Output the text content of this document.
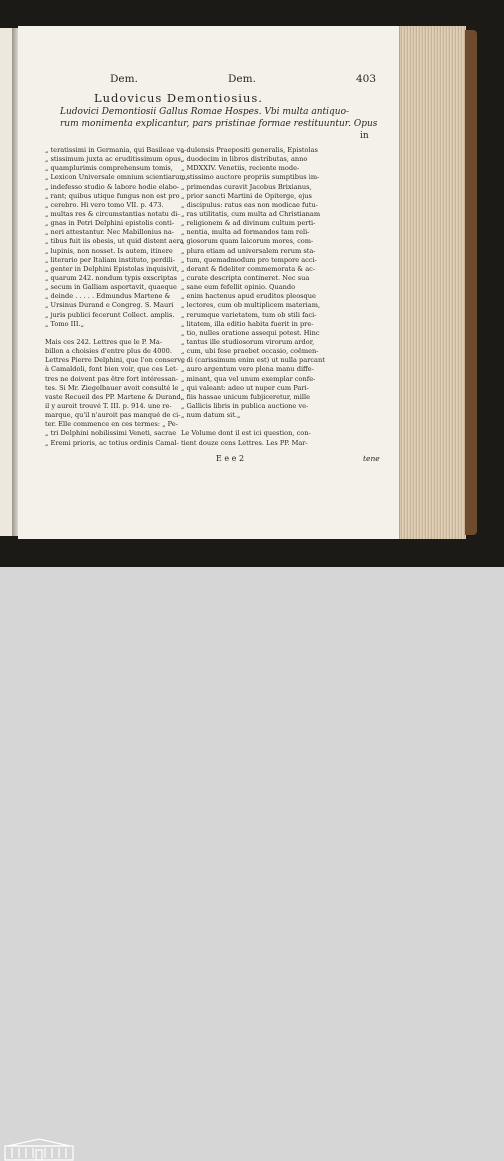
Dem.	Dem.	403
Ludovicus Demontiosius.
Ludovici Demontiosii Gallus Romae Hospes. Vbi multa antiquo-
rum monimenta explicantur, pars pristinae formae restituuntur. Opus
in
„ teratissimi in Germania, qui Basileae va-
„ stissimum juxta ac eruditissimum opus,
„ quamplurimis comprehensum tomis,
„ Lexicon Universale omnium scientiarum,
„ indefesso studio & labore hodie elabo-
„ rant; quibus utique fungus non est pro
„ cerebro. Hi vero tomo VII. p. 473.
„ multas res & circumstantias notatu di-
„ gnas in Petri Delphini epistolis conti-
„ neri attestantur. Nec Mabillonius na-
„ tibus fuit iis obesis, ut quid distent aera
„ lupinis, non nosset. Is autem, itinere
„ literario per Italiam instituto, perdili-
„ genter in Delphini Epistolas inquisivit,
„ quarum 242. nondum typis exscriptas
„ secum in Galliam asportavit, quaeque
„ deinde . . . . . Edmundus Martene &
„ Ursinus Durand e Congreg. S. Mauri
„ juris publici fecerunt Collect. amplis.
„ Tomo III.„
Mais ces 242. Lettres que le P. Ma-
billon a choisies d'entre plus de 4000.
Lettres Pierre Delphini, que l'on conserve
à Camaldoli, font bien voir, que ces Let-
tres ne doivent pas être fort intéressan-
tes. Si Mr. Ziegelbauer avoit consulté le
vaste Recueil des PP. Martene & Durand,
il y auroit trouvé T. III. p. 914. une re-
marque, qu'il n'auroit pas manqué de ci-
ter. Elle commence en ces termes: „ Pe-
„ tri Delphini nobilissimi Veneti, sacrae
„ Eremi prioris, ac totius ordinis Camal-
„ dulensis Praepositi generalis, Epistolas
„ duodecim in libros distributas, anno
„ MDXXIV. Venetiis, reciente mode-
„ stissimo auctore propriis sumptibus im-
„ primendas curavit Jacobus Brixianus,
„ prior sancti Martini de Opiterge, ejus
„ discipulus: ratus eas non modicae futu-
„ ras utilitatis, cum multa ad Christianam
„ religionem & ad divinum cultum perti-
„ nentia, multa ad formandos tam reli-
„ giosorum quam laicorum mores, com-
„ plura etiam ad universalem rerum sta-
„ tum, quemadmodum pro tempore acci-
„ derant & fideliter commemorata & ac-
„ curate descripta contineret. Nec sua
„ sane eum fefellit opinio. Quando
„ enim hactenus apud eruditos pleosque
„ lectores, cum ob multiplicem materiam,
„ rerumque varietatem, tum ob stili faci-
„ litatem, illa editio habita fuerit in pre-
„ tio, nulles oratione assequi potest. Hinc
„ tantus ille studiosorum virorum ardor,
„ cum, ubi fese praebet occasio, coëmen-
„ di (carissimum enim est) ut nulla parcant
„ auro argentum vero plena manu diffe-
„ minant, qua vel unum exemplar confe-
„ qui valeant: adeo ut nuper cum Pari-
„ fiis hassae unicum fubjiceretur, mille
„ Gallicis libris in publica auctione ve-
„ num datum sit.„
Le Volume dont il est ici question, con-
tient douze cens Lettres. Les PP. Mar-
E e e 2	tene
